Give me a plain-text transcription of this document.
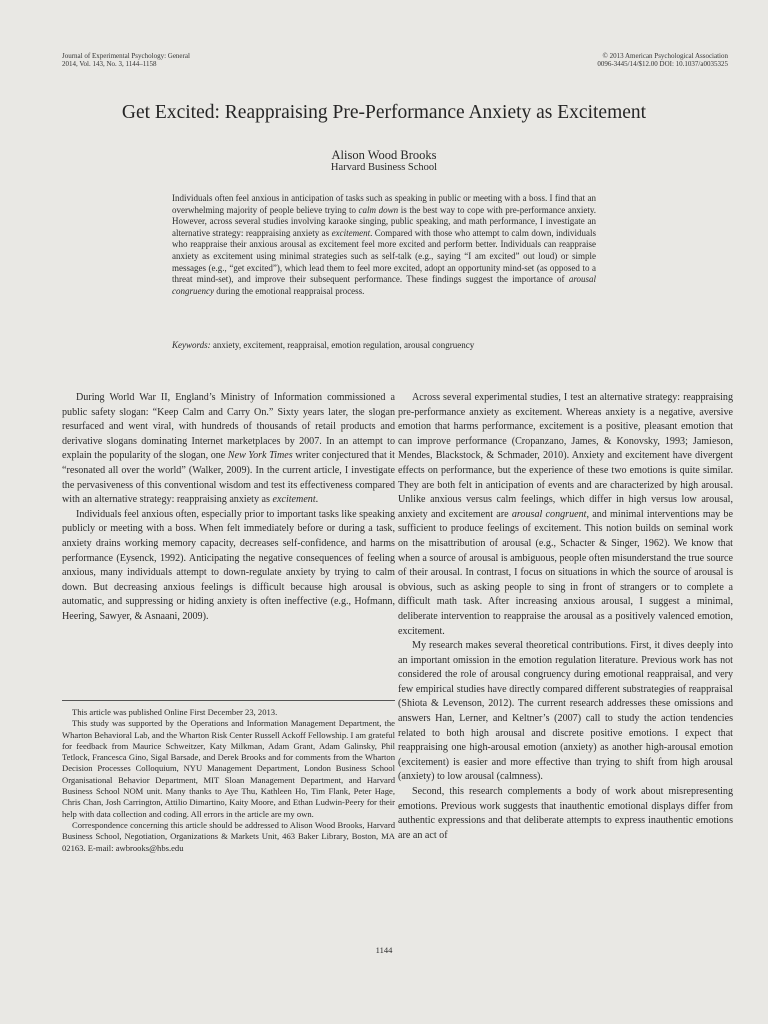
Journal of Experimental Psychology: General
2014, Vol. 143, No. 3, 1144–1158
© 2013 American Psychological Association
0096-3445/14/$12.00 DOI: 10.1037/a0035325
Get Excited: Reappraising Pre-Performance Anxiety as Excitement
Alison Wood Brooks
Harvard Business School

Individuals often feel anxious in anticipation of tasks such as speaking in public or meeting with a boss. I find that an overwhelming majority of people believe trying to calm down is the best way to cope with pre-performance anxiety. However, across several studies involving karaoke singing, public speaking, and math performance, I investigate an alternative strategy: reappraising anxiety as excitement. Compared with those who attempt to calm down, individuals who reappraise their anxious arousal as excitement feel more excited and perform better. Individuals can reappraise anxiety as excitement using minimal strategies such as self-talk (e.g., saying “I am excited” out loud) or simple messages (e.g., “get excited”), which lead them to feel more excited, adopt an opportunity mind-set (as opposed to a threat mind-set), and improve their subsequent performance. These findings suggest the importance of arousal congruency during the emotional reappraisal process.

Keywords: anxiety, excitement, reappraisal, emotion regulation, arousal congruency

During World War II, England’s Ministry of Information commissioned a public safety slogan: “Keep Calm and Carry On.” Sixty years later, the slogan resurfaced and went viral, with hundreds of thousands of retail products and derivative slogans dominating Internet marketplaces by 2007. In an attempt to explain the popularity of the slogan, one New York Times writer conjectured that it “resonated all over the world” (Walker, 2009). In the current article, I investigate the pervasiveness of this conventional wisdom and test its effectiveness compared with an alternative strategy: reappraising anxiety as excitement.

Individuals feel anxious often, especially prior to important tasks like speaking publicly or meeting with a boss. When felt immediately before or during a task, anxiety drains working memory capacity, decreases self-confidence, and harms performance (Eysenck, 1992). Anticipating the negative consequences of feeling anxious, many individuals attempt to down-regulate anxiety by trying to calm down. But decreasing anxious feelings is difficult because high arousal is automatic, and suppressing or hiding anxiety is often ineffective (e.g., Hofmann, Heering, Sawyer, & Asnaani, 2009).

This article was published Online First December 23, 2013.

This study was supported by the Operations and Information Management Department, the Wharton Behavioral Lab, and the Wharton Risk Center Russell Ackoff Fellowship. I am grateful for feedback from Maurice Schweitzer, Katy Milkman, Adam Grant, Adam Galinsky, Phil Tetlock, Francesca Gino, Sigal Barsade, and Derek Brooks and for comments from the Wharton Decision Processes Colloquium, NYU Management Department, London Business School Organisational Behavior Department, MIT Sloan Management Department, and Harvard Business School NOM unit. Many thanks to Aye Thu, Kathleen Ho, Tim Flank, Peter Hage, Chris Chan, Josh Carrington, Attilio Dimartino, Kaity Moore, and Ethan Ludwin-Peery for their help with data collection and coding. All errors in the article are my own.

Correspondence concerning this article should be addressed to Alison Wood Brooks, Harvard Business School, Negotiation, Organizations & Markets Unit, 463 Baker Library, Boston, MA 02163. E-mail: awbrooks@hbs.edu

Across several experimental studies, I test an alternative strategy: reappraising pre-performance anxiety as excitement. Whereas anxiety is a negative, aversive emotion that harms performance, excitement is a positive, pleasant emotion that can improve performance (Cropanzano, James, & Konovsky, 1993; Jamieson, Mendes, Blackstock, & Schmader, 2010). Anxiety and excitement have divergent effects on performance, but the experience of these two emotions is quite similar. They are both felt in anticipation of events and are characterized by high arousal. Unlike anxious versus calm feelings, which differ in high versus low arousal, anxiety and excitement are arousal congruent, and minimal interventions may be sufficient to produce feelings of excitement. This notion builds on seminal work on the misattribution of arousal (e.g., Schacter & Singer, 1962). We know that when a source of arousal is ambiguous, people often misunderstand the true source of their arousal. In contrast, I focus on situations in which the source of arousal is obvious, such as asking people to sing in front of strangers or to complete a difficult math task. After increasing anxious arousal, I suggest a minimal, deliberate intervention to reappraise the arousal as a positively valenced emotion, excitement.

My research makes several theoretical contributions. First, it dives deeply into an important omission in the emotion regulation literature. Previous work has not considered the role of arousal congruency during emotional reappraisal, and very few empirical studies have directly compared different substrategies of reappraisal (Shiota & Levenson, 2012). The current research addresses these omissions and answers Han, Lerner, and Keltner’s (2007) call to study the action tendencies related to both high arousal and discrete positive emotions. I expect that reappraising one high-arousal emotion (anxiety) as another high-arousal emotion (excitement) is easier and more effective than trying to shift from high arousal (anxiety) to low arousal (calmness).

Second, this research complements a body of work about misrepresenting emotions. Previous work suggests that inauthentic emotional displays differ from authentic expressions and that deliberate attempts to express inauthentic emotions are an act of

1144
